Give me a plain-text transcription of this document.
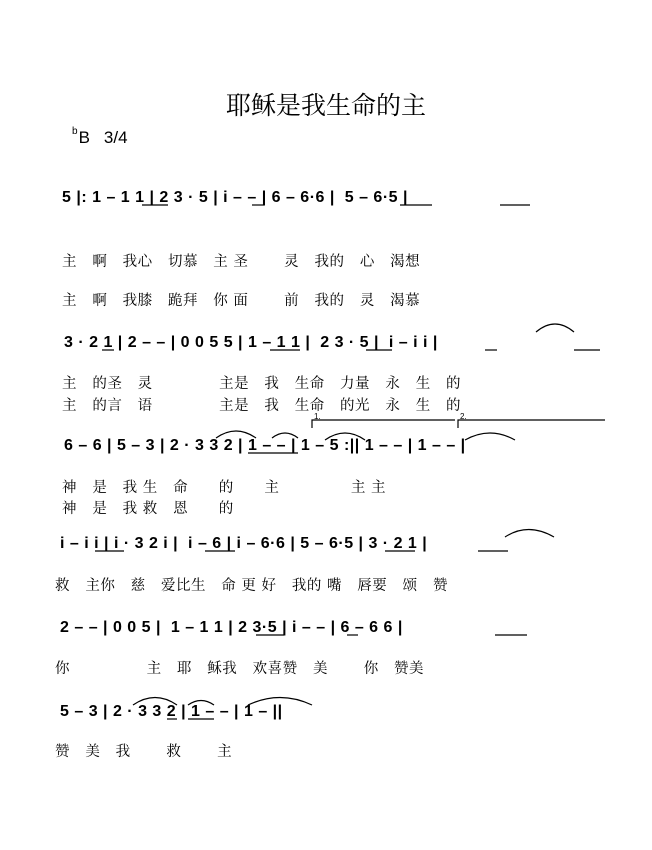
耶稣是我生命的主
$^b$B 3/4
5 |: 1 – 1 1 | 2 3 · 5 | i – – | 6 – 6·6 |  5 – 6·5 |
主   啊   我心   切慕   主 圣       灵   我的   心   渴想
主   啊   我膝   跪拜   你 面       前   我的   灵   渴慕
3 · 2 1 | 2 – – | 0 0 5 5 | 1 – 1 1 |  2 3 · 5 |  i – i i |
主   的圣   灵             主是   我   生命   力量   永   生   的
主   的言   语             主是   我   生命   的光   永   生   的
6 – 6 | 5 – 3 | 2 · 3 3 2 | 1 – – | 1 – 5 :|| 1 – – | 1 – – |
神   是   我 生   命      的      主              主 主
神   是   我 救   恩      的
i – i i | i · 3 2 i |  i – 6 | i – 6·6 | 5 – 6·5 | 3 · 2 1 |
救   主你   慈   爱比生   命 更 好   我的 嘴   唇要   颂   赞
2 – – | 0 0 5 |  1 – 1 1 | 2 3·5 | i – – | 6 – 6 6 |
你               主   耶   稣我   欢喜赞   美       你   赞美
5 – 3 | 2 · 3 3 2 | 1 – – | 1 – ||
赞   美   我       救       主
1.	2.
